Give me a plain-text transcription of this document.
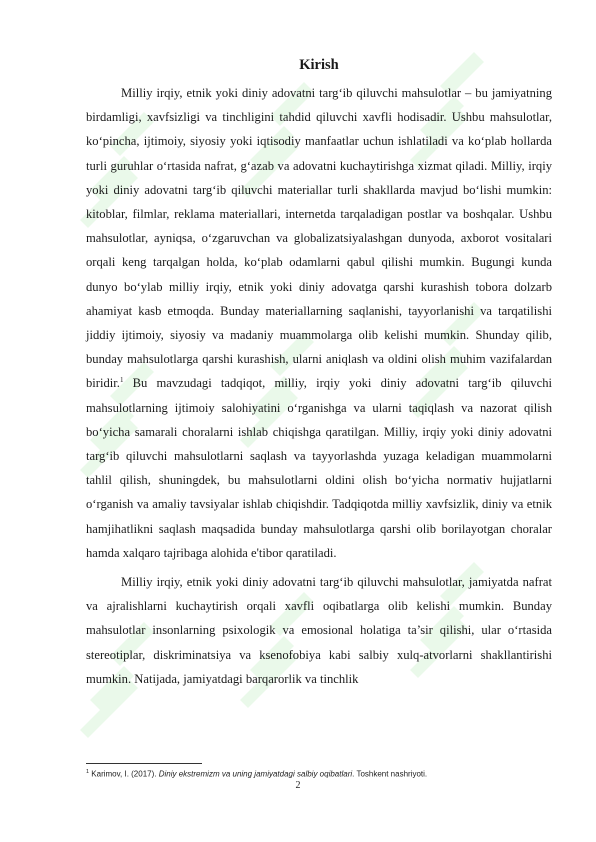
Kirish

Milliy irqiy, etnik yoki diniy adovatni targ‘ib qiluvchi mahsulotlar – bu jamiyatning birdamligi, xavfsizligi va tinchligini tahdid qiluvchi xavfli hodisadir. Ushbu mahsulotlar, ko‘pincha, ijtimoiy, siyosiy yoki iqtisodiy manfaatlar uchun ishlatiladi va ko‘plab hollarda turli guruhlar o‘rtasida nafrat, g‘azab va adovatni kuchaytirishga xizmat qiladi. Milliy, irqiy yoki diniy adovatni targ‘ib qiluvchi materiallar turli shakllarda mavjud bo‘lishi mumkin: kitoblar, filmlar, reklama materiallari, internetda tarqaladigan postlar va boshqalar. Ushbu mahsulotlar, ayniqsa, o‘zgaruvchan va globalizatsiyalashgan dunyoda, axborot vositalari orqali keng tarqalgan holda, ko‘plab odamlarni qabul qilishi mumkin. Bugungi kunda dunyo bo‘ylab milliy irqiy, etnik yoki diniy adovatga qarshi kurashish tobora dolzarb ahamiyat kasb etmoqda. Bunday materiallarning saqlanishi, tayyorlanishi va tarqatilishi jiddiy ijtimoiy, siyosiy va madaniy muammolarga olib kelishi mumkin. Shunday qilib, bunday mahsulotlarga qarshi kurashish, ularni aniqlash va oldini olish muhim vazifalardan biridir.$^1$ Bu mavzudagi tadqiqot, milliy, irqiy yoki diniy adovatni targ‘ib qiluvchi mahsulotlarning ijtimoiy salohiyatini o‘rganishga va ularni taqiqlash va nazorat qilish bo‘yicha samarali choralarni ishlab chiqishga qaratilgan. Milliy, irqiy yoki diniy adovatni targ‘ib qiluvchi mahsulotlarni saqlash va tayyorlashda yuzaga keladigan muammolarni tahlil qilish, shuningdek, bu mahsulotlarni oldini olish bo‘yicha normativ hujjatlarni o‘rganish va amaliy tavsiyalar ishlab chiqishdir. Tadqiqotda milliy xavfsizlik, diniy va etnik hamjihatlikni saqlash maqsadida bunday mahsulotlarga qarshi olib borilayotgan choralar hamda xalqaro tajribaga alohida e'tibor qaratiladi.

Milliy irqiy, etnik yoki diniy adovatni targ‘ib qiluvchi mahsulotlar, jamiyatda nafrat va ajralishlarni kuchaytirish orqali xavfli oqibatlarga olib kelishi mumkin. Bunday mahsulotlar insonlarning psixologik va emosional holatiga ta’sir qilishi, ular o‘rtasida stereotiplar, diskriminatsiya va ksenofobiya kabi salbiy xulq-atvorlarni shakllantirishi mumkin. Natijada, jamiyatdagi barqarorlik va tinchlik

$^1$ Karimov, I. (2017). Diniy ekstremizm va uning jamiyatdagi salbiy oqibatlari. Toshkent nashriyoti.
2
